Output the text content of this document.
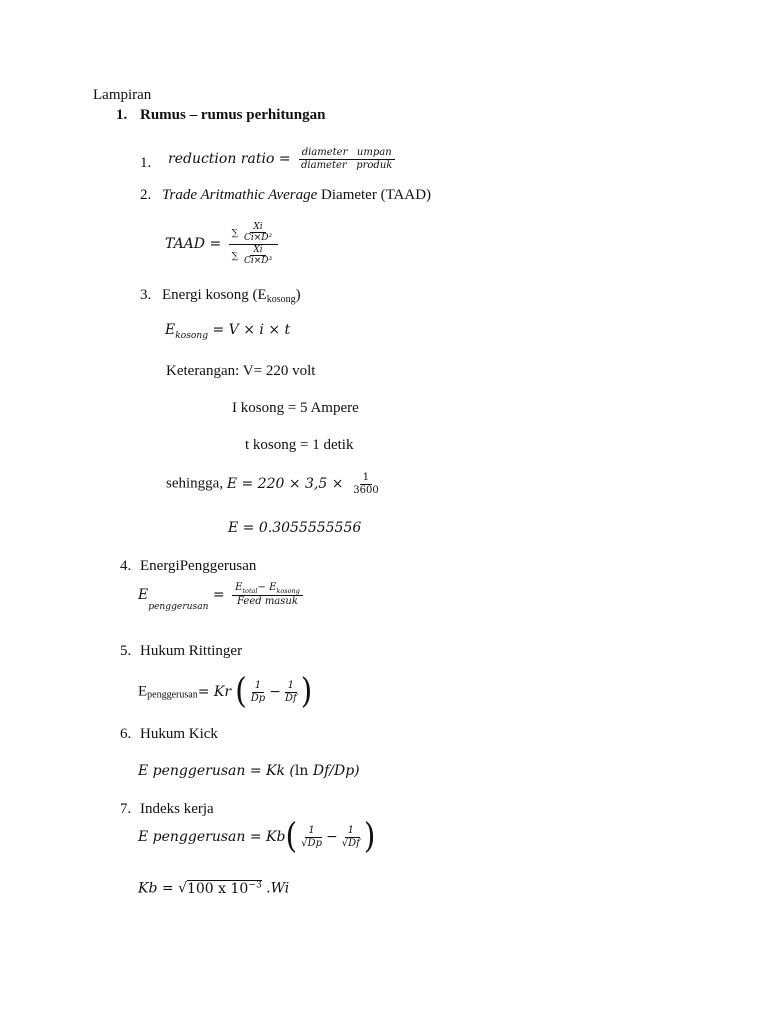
Lampiran
1. Rumus – rumus perhitungan
1. reduction ratio = $\frac{\text{diameter   umpan}}{\text{diameter   produk}}$
2. Trade Aritmathic Average Diameter (TAAD)
TAAD = $\frac{\sum \frac{Xi}{\text{Ci×D²}}}{\sum \frac{Xi}{\text{Ci×D³}}}$
3. Energi kosong $(E_{kosong})$
$E_{kosong} = V \times i \times t$
Keterangan: V= 220 volt
I kosong = 5 Ampere
t kosong = 1 detik
sehingga, $E = 220 \times 3,5 \times \frac{1}{3600}$
E = 0.3055555556
4. EnergiPenggerusan
$E_{penggerusan} = \frac{E_{total}- E_{kosong}}{\text{Feed masuk}}$
5. Hukum Rittinger
Epenggerusan= Kr ( $\frac{1}{Dp} - \frac{1}{Df}$ )
6. Hukum Kick
E penggerusan = Kk (ln Df/Dp)
7. Indeks kerja
E penggerusan = $Kb( \frac{1}{√Dp} - \frac{1}{√Df}$ )
Kb = √100 x $10^{-3}$ .Wi
